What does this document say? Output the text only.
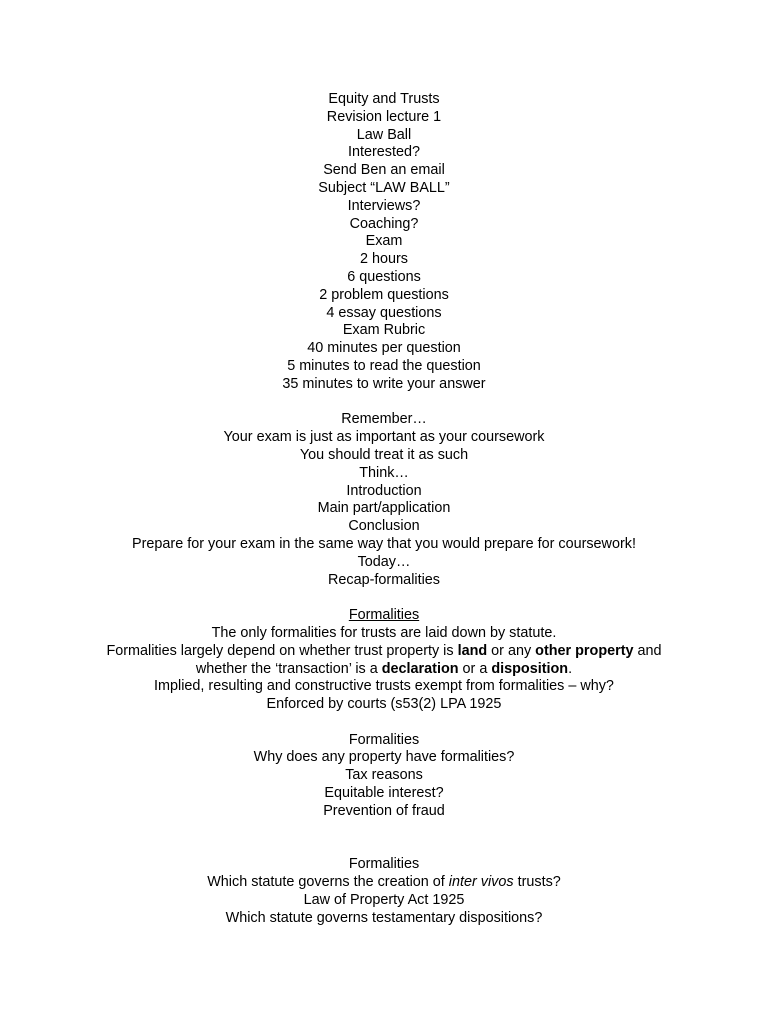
Equity and Trusts
Revision lecture 1
Law Ball
Interested?
Send Ben an email
Subject “LAW BALL”
Interviews?
Coaching?
Exam
2 hours
6 questions
2 problem questions
4 essay questions
Exam Rubric
40 minutes per question
5 minutes to read the question
35 minutes to write your answer
Remember…
Your exam is just as important as your coursework
You should treat it as such
Think…
Introduction
Main part/application
Conclusion
Prepare for your exam in the same way that you would prepare for coursework!
Today…
Recap-formalities
Formalities
The only formalities for trusts are laid down by statute.
Formalities largely depend on whether trust property is land or any other property and
whether the ‘transaction’ is a declaration or a disposition.
Implied, resulting and constructive trusts exempt from formalities – why?
Enforced by courts (s53(2) LPA 1925
Formalities
Why does any property have formalities?
Tax reasons
Equitable interest?
Prevention of fraud
Formalities
Which statute governs the creation of inter vivos trusts?
Law of Property Act 1925
Which statute governs testamentary dispositions?
